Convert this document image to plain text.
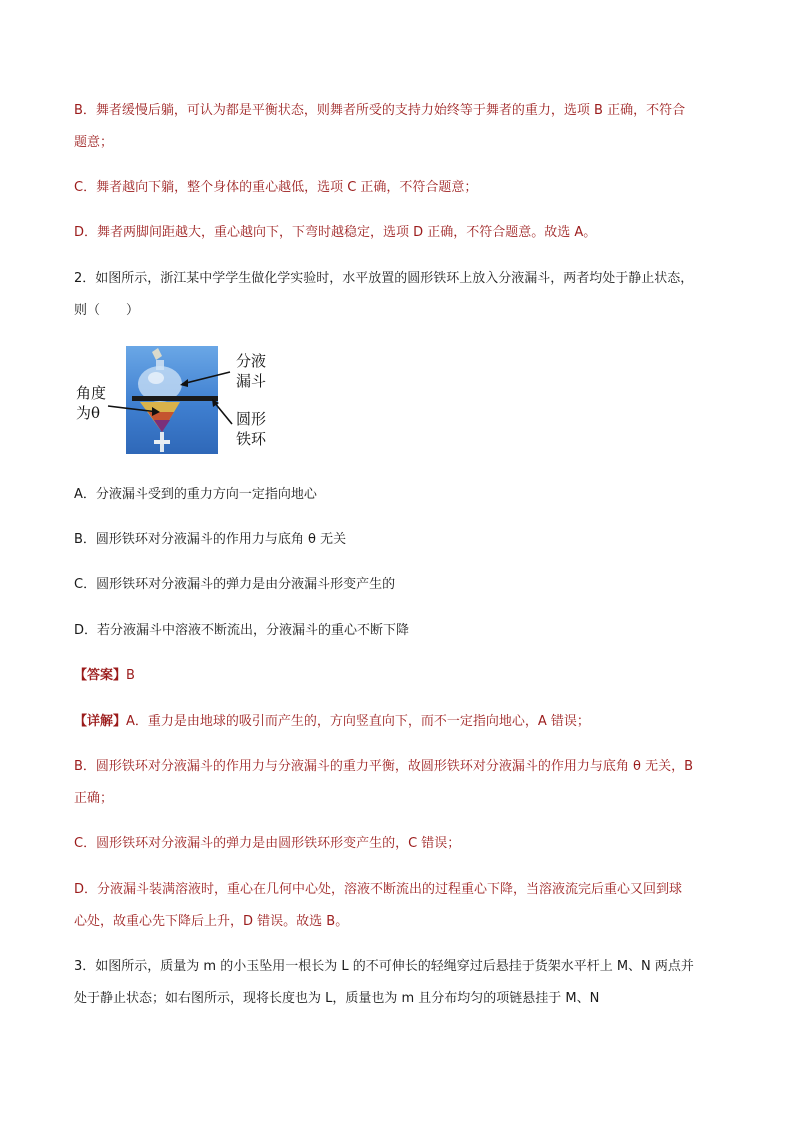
B．舞者缓慢后躺，可认为都是平衡状态，则舞者所受的支持力始终等于舞者的重力，选项 B 正确，不符合
题意；
C．舞者越向下躺，整个身体的重心越低，选项 C 正确，不符合题意；
D．舞者两脚间距越大，重心越向下，下弯时越稳定，选项 D 正确，不符合题意。故选 A。
2．如图所示，浙江某中学学生做化学实验时，水平放置的圆形铁环上放入分液漏斗，两者均处于静止状态，
则（　　）
分液
漏斗
圆形
铁环
角度
为θ
A．分液漏斗受到的重力方向一定指向地心
B．圆形铁环对分液漏斗的作用力与底角 θ 无关
C．圆形铁环对分液漏斗的弹力是由分液漏斗形变产生的
D．若分液漏斗中溶液不断流出，分液漏斗的重心不断下降
【答案】B
【详解】A．重力是由地球的吸引而产生的，方向竖直向下，而不一定指向地心，A 错误；
B．圆形铁环对分液漏斗的作用力与分液漏斗的重力平衡，故圆形铁环对分液漏斗的作用力与底角 θ 无关，B
正确；
C．圆形铁环对分液漏斗的弹力是由圆形铁环形变产生的，C 错误；
D．分液漏斗装满溶液时，重心在几何中心处，溶液不断流出的过程重心下降，当溶液流完后重心又回到球
心处，故重心先下降后上升，D 错误。故选 B。
3．如图所示，质量为 m 的小玉坠用一根长为 L 的不可伸长的轻绳穿过后悬挂于货架水平杆上 M、N 两点并
处于静止状态；如右图所示，现将长度也为 L，质量也为 m 且分布均匀的项链悬挂于 M、N
